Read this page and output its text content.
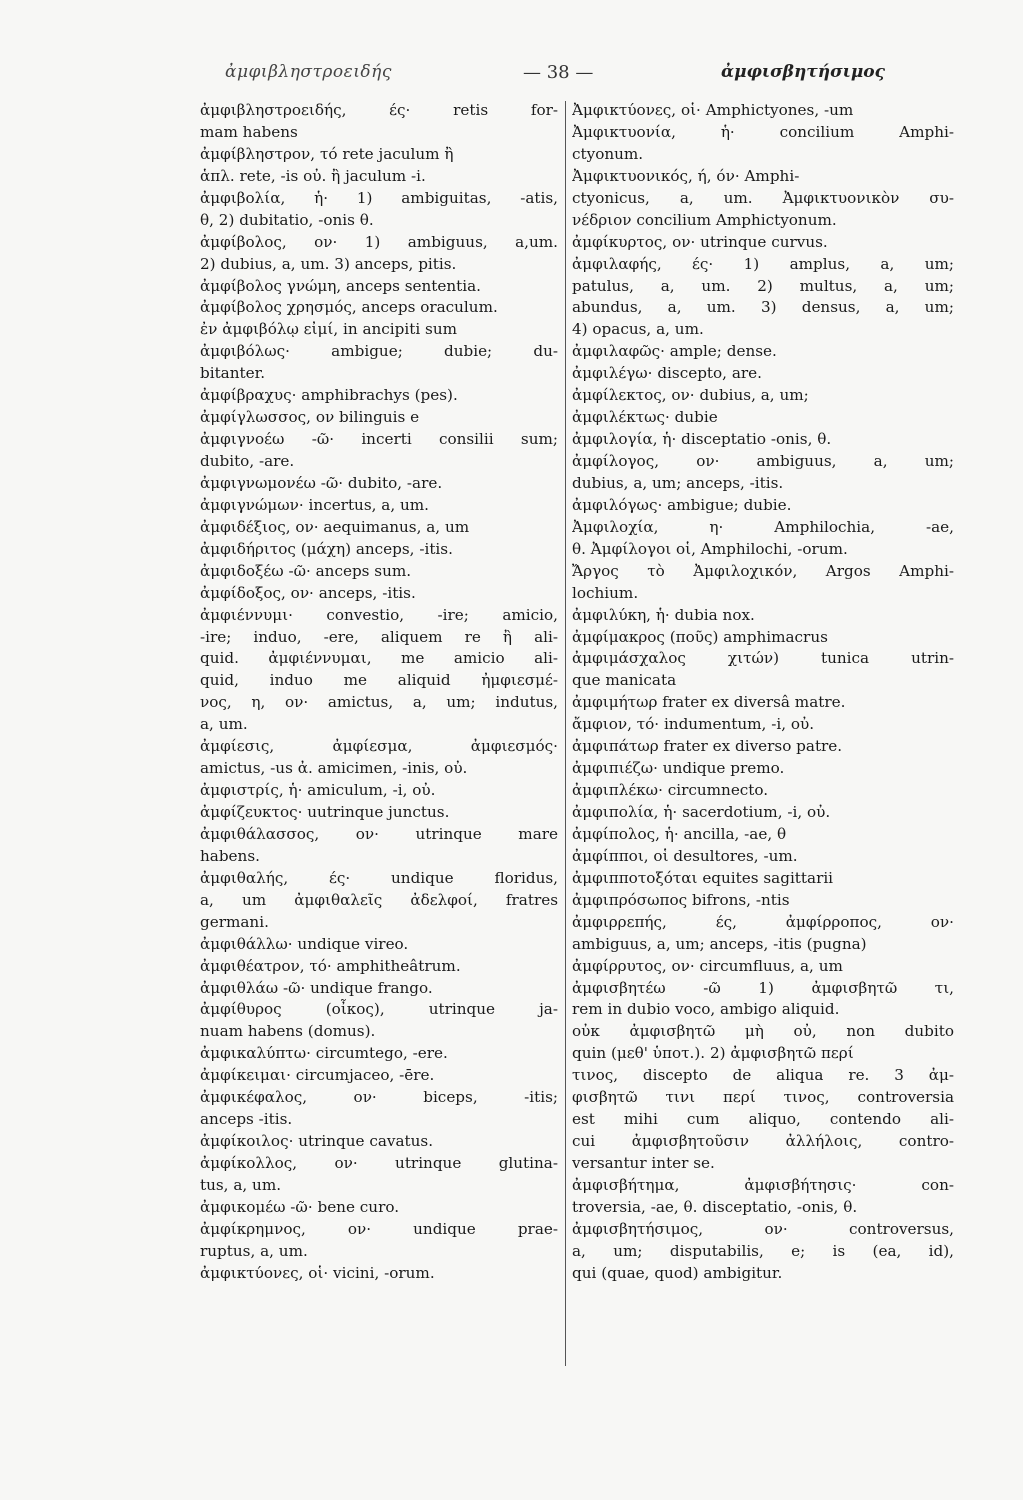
ἀμφιβληστροειδής	— 38 —	ἀμφισβητήσιμος
ἀμφιβληστροειδής, ές· retis for-
mam habens
ἀμφίβληστρον, τό rete jaculum ἢ
ἁπλ. rete, -is οὐ. ἢ jaculum -i.
ἀμφιβολία, ἡ· 1) ambiguitas, -atis,
θ, 2) dubitatio, -onis θ.
ἀμφίβολος, ον· 1) ambiguus, a,um.
2) dubius, a, um. 3) anceps, pitis.
ἀμφίβολος γνώμη, anceps sententia.
ἀμφίβολος χρησμός, anceps oraculum.
ἐν ἀμφιβόλῳ εἰμί, in ancipiti sum
ἀμφιβόλως· ambigue; dubie; du-
bitanter.
ἀμφίβραχυς· amphibrachys (pes).
ἀμφίγλωσσος, ον bilinguis e
ἀμφιγνοέω -ῶ· incerti consilii sum;
dubito, -are.
ἀμφιγνωμονέω -ῶ· dubito, -are.
ἀμφιγνώμων· incertus, a, um.
ἀμφιδέξιος, ον· aequimanus, a, um
ἀμφιδήριτος (μάχη) anceps, -itis.
ἀμφιδοξέω -ῶ· anceps sum.
ἀμφίδοξος, ον· anceps, -itis.
ἀμφιέννυμι· convestio, -ire; amicio,
-ire; induo, -ere, aliquem re ἢ ali-
quid. ἀμφιέννυμαι, me amicio ali-
quid, induo me aliquid ἠμφιεσμέ-
νος, η, ον· amictus, a, um; indutus,
a, um.
ἀμφίεσις, ἀμφίεσμα, ἀμφιεσμός·
amictus, -us ἀ. amicimen, -inis, οὐ.
ἀμφιστρίς, ἡ· amiculum, -i, οὐ.
ἀμφίζευκτος· uutrinque junctus.
ἀμφιθάλασσος, ον· utrinque mare
habens.
ἀμφιθαλής, ές· undique floridus,
a, um ἀμφιθαλεῖς ἀδελφοί, fratres
germani.
ἀμφιθάλλω· undique vireo.
ἀμφιθέατρον, τό· amphitheâtrum.
ἀμφιθλάω -ῶ· undique frango.
ἀμφίθυρος (οἶκος), utrinque ja-
nuam habens (domus).
ἀμφικαλύπτω· circumtego, -ere.
ἀμφίκειμαι· circumjaceo, -ēre.
ἀμφικέφαλος, ον· biceps, -itis;
anceps -itis.
ἀμφίκοιλος· utrinque cavatus.
ἀμφίκολλος, ον· utrinque glutina-
tus, a, um.
ἀμφικομέω -ῶ· bene curo.
ἀμφίκρημνος, ον· undique prae-
ruptus, a, um.
ἀμφικτύονες, οἱ· vicini, -orum.
Ἀμφικτύονες, οἱ· Amphictyones, -um
Ἀμφικτυονία, ἡ· concilium Amphi-
ctyonum.
Ἀμφικτυονικός, ή, όν· Amphi-
ctyonicus, a, um. Ἀμφικτυονικὸν συ-
νέδριον concilium Amphictyonum.
ἀμφίκυρτος, ον· utrinque curvus.
ἀμφιλαφής, ές· 1) amplus, a, um;
patulus, a, um. 2) multus, a, um;
abundus, a, um. 3) densus, a, um;
4) opacus, a, um.
ἀμφιλαφῶς· ample; dense.
ἀμφιλέγω· discepto, are.
ἀμφίλεκτος, ον· dubius, a, um;
ἀμφιλέκτως· dubie
ἀμφιλογία, ἡ· disceptatio -onis, θ.
ἀμφίλογος, ον· ambiguus, a, um;
dubius, a, um; anceps, -itis.
ἀμφιλόγως· ambigue; dubie.
Ἀμφιλοχία, η· Amphilochia, -ae,
θ. Ἀμφίλογοι οἱ, Amphilochi, -orum.
Ἄργος τὸ Ἀμφιλοχικόν, Argos Amphi-
lochium.
ἀμφιλύκη, ἡ· dubia nox.
ἀμφίμακρος (ποῦς) amphimacrus
ἀμφιμάσχαλος χιτών) tunica utrin-
que manicata
ἀμφιμήτωρ frater ex diversâ matre.
ἄμφιον, τό· indumentum, -i, οὐ.
ἀμφιπάτωρ frater ex diverso patre.
ἀμφιπιέζω· undique premo.
ἀμφιπλέκω· circumnecto.
ἀμφιπολία, ἡ· sacerdotium, -i, οὐ.
ἀμφίπολος, ἡ· ancilla, -ae, θ
ἀμφίπποι, οἱ desultores, -um.
ἀμφιπποτοξόται equites sagittarii
ἀμφιπρόσωπος bifrons, -ntis
ἀμφιρρεπής, ές, ἀμφίρροπος, ον·
ambiguus, a, um; anceps, -itis (pugna)
ἀμφίρρυτος, ον· circumfluus, a, um
ἀμφισβητέω -ῶ 1) ἀμφισβητῶ τι,
rem in dubio voco, ambigo aliquid.
οὐκ ἀμφισβητῶ μὴ οὐ, non dubito
quin (μεθ' ὑποτ.). 2) ἀμφισβητῶ περί
τινος, discepto de aliqua re. 3 ἀμ-
φισβητῶ τινι περί τινος, controversia
est mihi cum aliquo, contendo ali-
cui ἀμφισβητοῦσιν ἀλλήλοις, contro-
versantur inter se.
ἀμφισβήτημα, ἀμφισβήτησις· con-
troversia, -ae, θ. disceptatio, -onis, θ.
ἀμφισβητήσιμος, ον· controversus,
a, um; disputabilis, e; is (ea, id),
qui (quae, quod) ambigitur.
